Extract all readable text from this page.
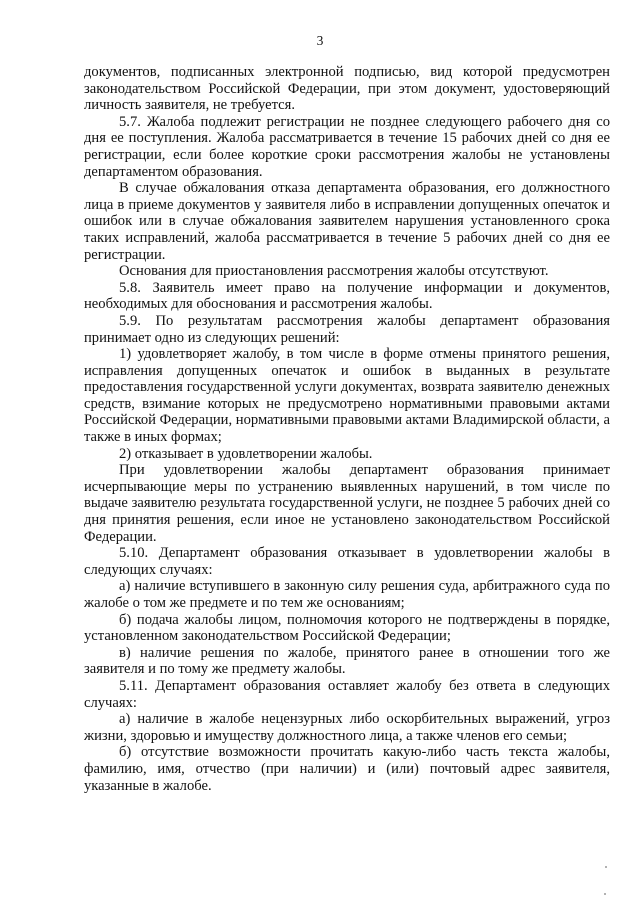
3

документов, подписанных электронной подписью, вид которой предусмотрен законодательством Российской Федерации, при этом документ, удостоверяющий личность заявителя, не требуется.

5.7. Жалоба подлежит регистрации не позднее следующего рабочего дня со дня ее поступления. Жалоба рассматривается в течение 15 рабочих дней со дня ее регистрации, если более короткие сроки рассмотрения жалобы не установлены департаментом образования.

В случае обжалования отказа департамента образования, его должностного лица в приеме документов у заявителя либо в исправлении допущенных опечаток и ошибок или в случае обжалования заявителем нарушения установленного срока таких исправлений, жалоба рассматривается в течение 5 рабочих дней со дня ее регистрации.

Основания для приостановления рассмотрения жалобы отсутствуют.

5.8. Заявитель имеет право на получение информации и документов, необходимых для обоснования и рассмотрения жалобы.

5.9. По результатам рассмотрения жалобы департамент образования принимает одно из следующих решений:

1) удовлетворяет жалобу, в том числе в форме отмены принятого решения, исправления допущенных опечаток и ошибок в выданных в результате предоставления государственной услуги документах, возврата заявителю денежных средств, взимание которых не предусмотрено нормативными правовыми актами Российской Федерации, нормативными правовыми актами Владимирской области, а также в иных формах;

2) отказывает в удовлетворении жалобы.

При удовлетворении жалобы департамент образования принимает исчерпывающие меры по устранению выявленных нарушений, в том числе по выдаче заявителю результата государственной услуги, не позднее 5 рабочих дней со дня принятия решения, если иное не установлено законодательством Российской Федерации.

5.10. Департамент образования отказывает в удовлетворении жалобы в следующих случаях:

а) наличие вступившего в законную силу решения суда, арбитражного суда по жалобе о том же предмете и по тем же основаниям;

б) подача жалобы лицом, полномочия которого не подтверждены в порядке, установленном законодательством Российской Федерации;

в) наличие решения по жалобе, принятого ранее в отношении того же заявителя и по тому же предмету жалобы.

5.11. Департамент образования оставляет жалобу без ответа в следующих случаях:

а) наличие в жалобе нецензурных либо оскорбительных выражений, угроз жизни, здоровью и имуществу должностного лица, а также членов его семьи;

б) отсутствие возможности прочитать какую-либо часть текста жалобы, фамилию, имя, отчество (при наличии) и (или) почтовый адрес заявителя, указанные в жалобе.
